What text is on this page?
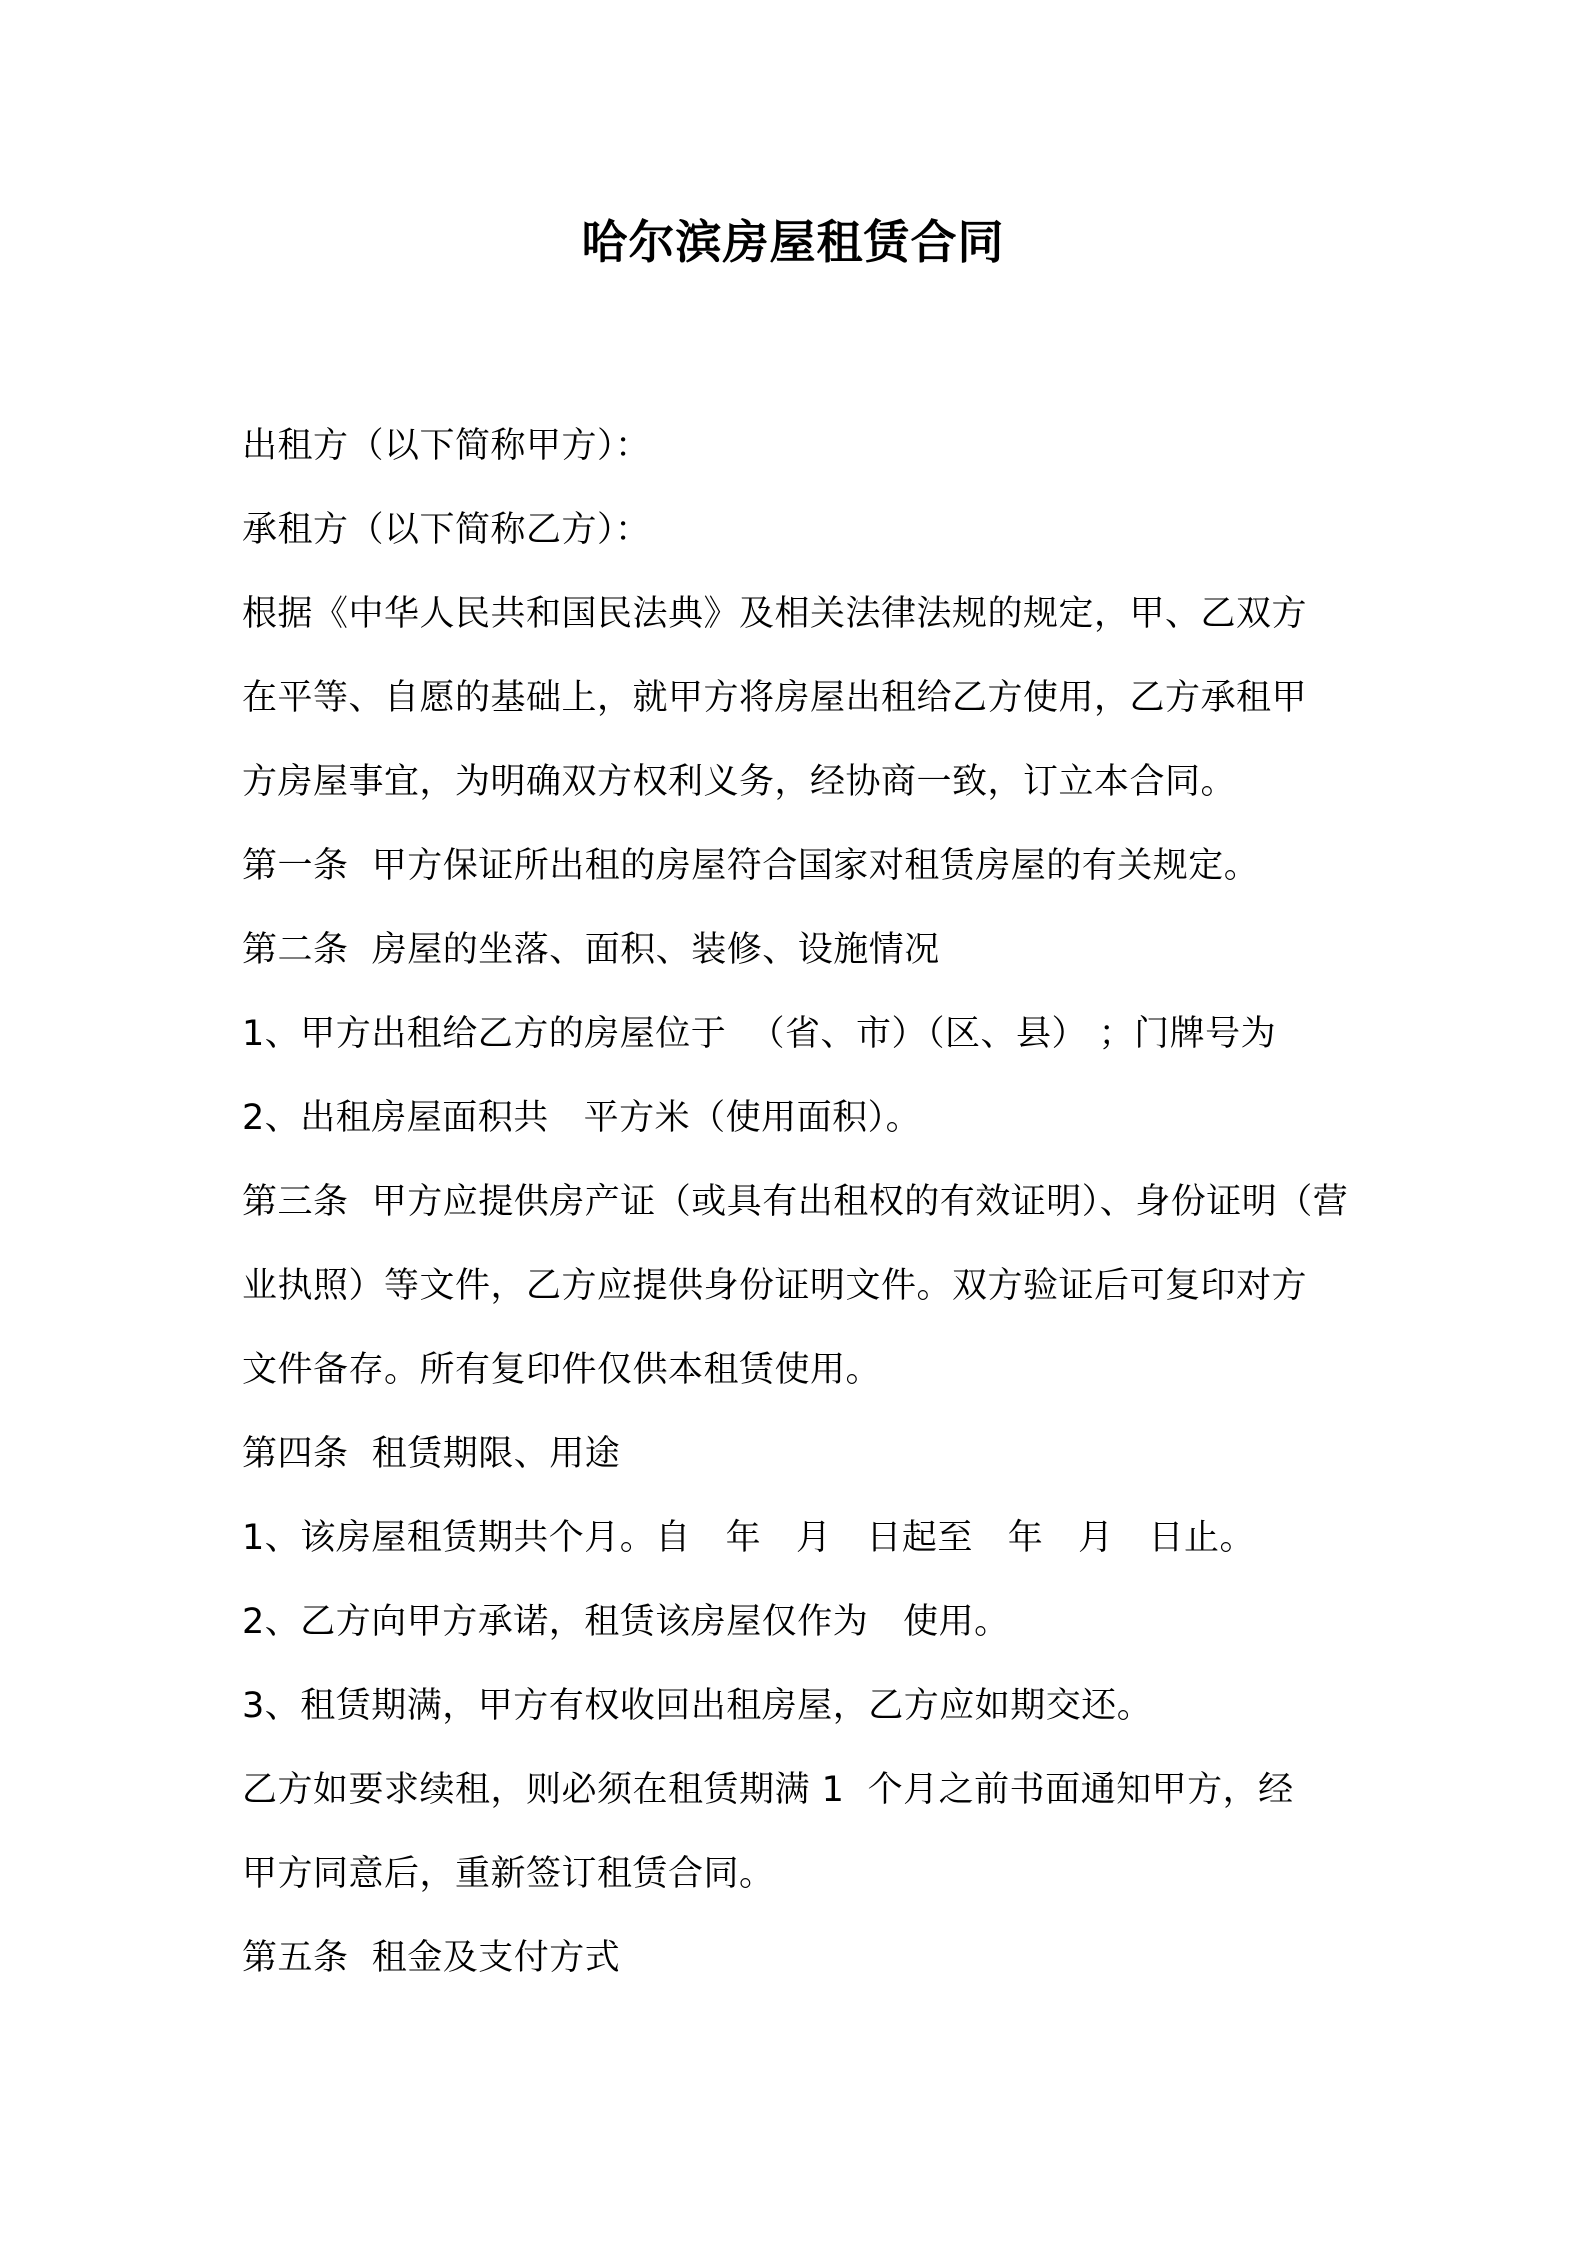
哈尔滨房屋租赁合同
出租方（以下简称甲方）：
承租方（以下简称乙方）：
根据《中华人民共和国民法典》及相关法律法规的规定，甲、乙双方
在平等、自愿的基础上，就甲方将房屋出租给乙方使用，乙方承租甲
方房屋事宜，为明确双方权利义务，经协商一致，订立本合同。
第一条  甲方保证所出租的房屋符合国家对租赁房屋的有关规定。
第二条  房屋的坐落、面积、装修、设施情况
1、甲方出租给乙方的房屋位于  （省、市）（区、县） ；门牌号为
2、出租房屋面积共   平方米（使用面积）。
第三条  甲方应提供房产证（或具有出租权的有效证明）、身份证明（营
业执照）等文件，乙方应提供身份证明文件。双方验证后可复印对方
文件备存。所有复印件仅供本租赁使用。
第四条  租赁期限、用途
1、该房屋租赁期共个月。自   年   月   日起至   年   月   日止。
2、乙方向甲方承诺，租赁该房屋仅作为   使用。
3、租赁期满，甲方有权收回出租房屋，乙方应如期交还。
乙方如要求续租，则必须在租赁期满 1  个月之前书面通知甲方，经
甲方同意后，重新签订租赁合同。
第五条  租金及支付方式
